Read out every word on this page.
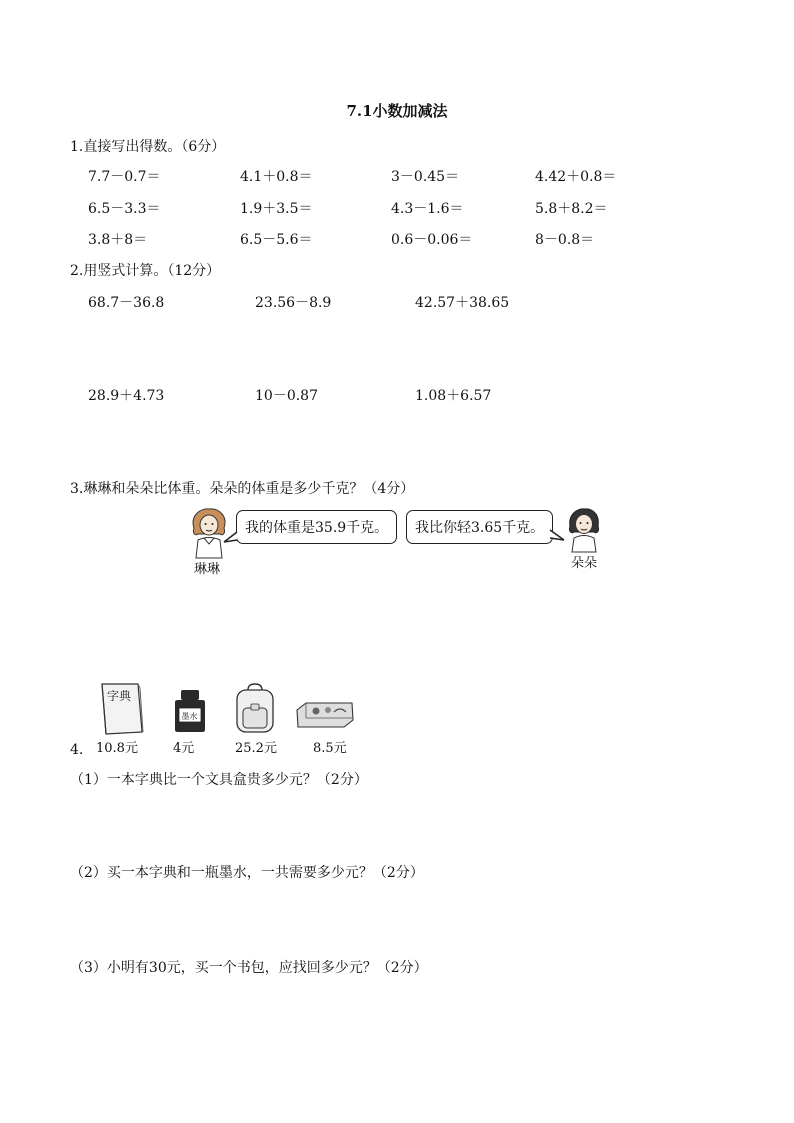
7.1小数加减法
1.直接写出得数。（6分）
7.7－0.7＝	4.1＋0.8＝	3－0.45＝	4.42＋0.8＝
6.5－3.3＝	1.9＋3.5＝	4.3－1.6＝	5.8＋8.2＝
3.8＋8＝	6.5－5.6＝	0.6－0.06＝	8－0.8＝
2.用竖式计算。（12分）
68.7－36.8	23.56－8.9	42.57＋38.65
28.9＋4.73	10－0.87	1.08＋6.57
3.琳琳和朵朵比体重。朵朵的体重是多少千克？（4分）
琳琳
我的体重是35.9千克。	我比你轻3.65千克。
朵朵
字典
墨水
10.8元	4元	25.2元	8.5元
4.
（1）一本字典比一个文具盒贵多少元？（2分）
（2）买一本字典和一瓶墨水，一共需要多少元？（2分）
（3）小明有30元，买一个书包，应找回多少元？（2分）
